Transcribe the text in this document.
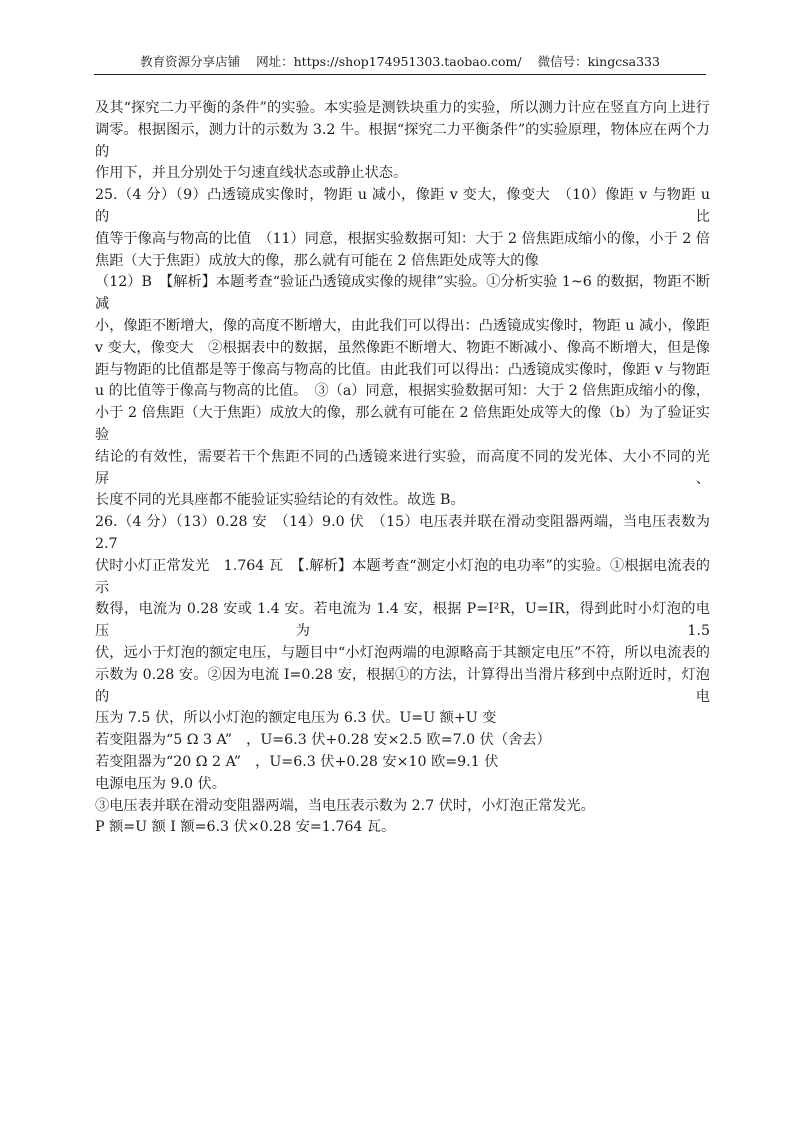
教育资源分享店铺 网址：https://shop174951303.taobao.com/ 微信号：kingcsa333

及其“探究二力平衡的条件”的实验。本实验是测铁块重力的实验，所以测力计应在竖直方向上进行

调零。根据图示，测力计的示数为 3.2 牛。根据“探究二力平衡条件”的实验原理，物体应在两个力的

作用下，并且分别处于匀速直线状态或静止状态。

25.（4 分）（9）凸透镜成实像时，物距 u 减小，像距 v 变大，像变大　（10）像距 v 与物距 u 的比

值等于像高与物高的比值　（11）同意，根据实验数据可知：大于 2 倍焦距成缩小的像，小于 2 倍

焦距（大于焦距）成放大的像，那么就有可能在 2 倍焦距处成等大的像

（12）B　【解析】本题考查“验证凸透镜成实像的规律”实验。①分析实验 1~6 的数据，物距不断减

小，像距不断增大，像的高度不断增大，由此我们可以得出：凸透镜成实像时，物距 u 减小，像距

v 变大，像变大　②根据表中的数据，虽然像距不断增大、物距不断减小、像高不断增大，但是像

距与物距的比值都是等于像高与物高的比值。由此我们可以得出：凸透镜成实像时，像距 v 与物距

u 的比值等于像高与物高的比值。　③（a）同意，根据实验数据可知：大于 2 倍焦距成缩小的像，

小于 2 倍焦距（大于焦距）成放大的像，那么就有可能在 2 倍焦距处成等大的像（b）为了验证实验

结论的有效性，需要若干个焦距不同的凸透镜来进行实验，而高度不同的发光体、大小不同的光屏、

长度不同的光具座都不能验证实验结论的有效性。故选 B。

26.（4 分）（13）0.28 安　（14）9.0 伏　（15）电压表并联在滑动变阻器两端，当电压表数为 2.7

伏时小灯正常发光　1.764 瓦　【.解析】本题考查“测定小灯泡的电功率”的实验。①根据电流表的示

数得，电流为 0.28 安或 1.4 安。若电流为 1.4 安，根据 P=I²R，U=IR，得到此时小灯泡的电压为 1.5

伏，远小于灯泡的额定电压，与题目中“小灯泡两端的电源略高于其额定电压”不符，所以电流表的

示数为 0.28 安。②因为电流 I=0.28 安，根据①的方法，计算得出当滑片移到中点附近时，灯泡的电

压为 7.5 伏，所以小灯泡的额定电压为 6.3 伏。U=U 额+U 变

若变阻器为“5 Ω 3 A”　，U=6.3 伏+0.28 安×2.5 欧=7.0 伏（舍去）

若变阻器为“20 Ω 2 A”　，U=6.3 伏+0.28 安×10 欧=9.1 伏

电源电压为 9.0 伏。

③电压表并联在滑动变阻器两端，当电压表示数为 2.7 伏时，小灯泡正常发光。

P 额=U 额 I 额=6.3 伏×0.28 安=1.764 瓦。
